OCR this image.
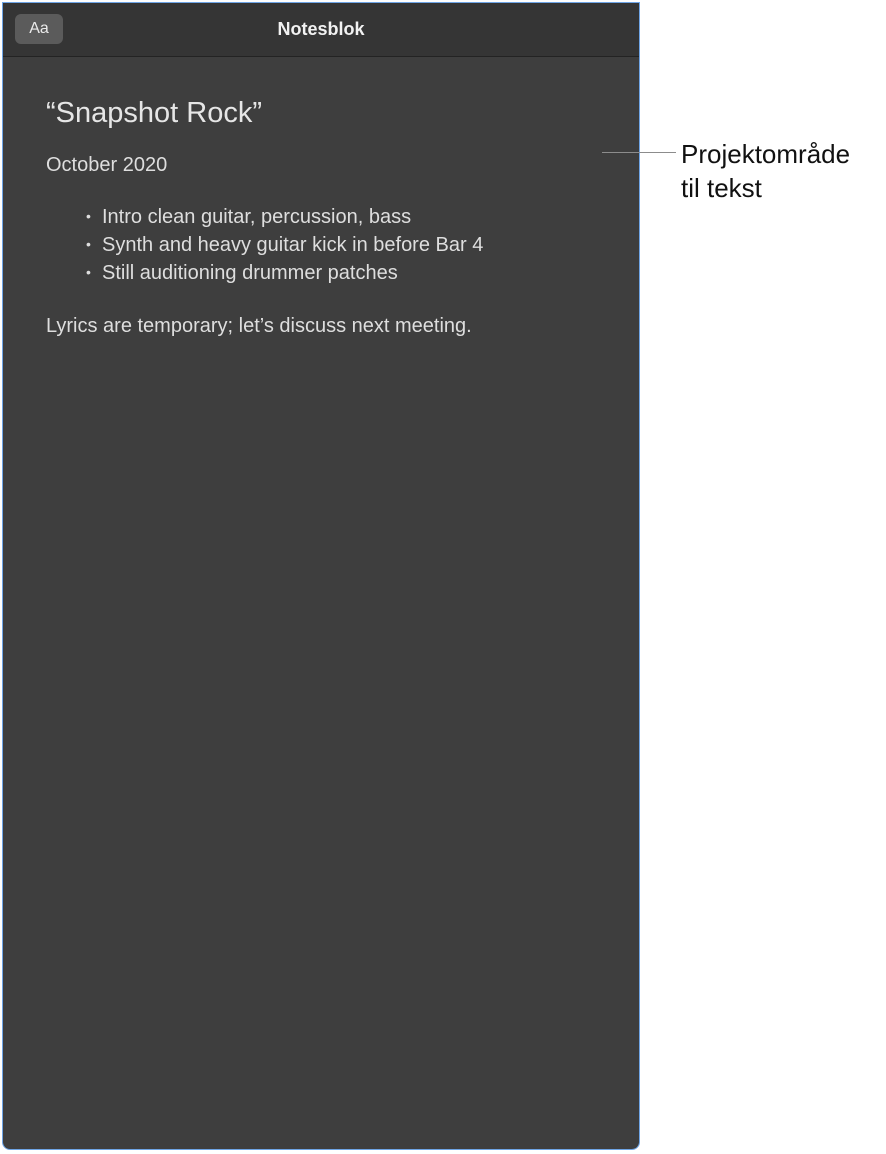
Notesblok
Aa
“Snapshot Rock”
October 2020
• Intro clean guitar, percussion, bass
• Synth and heavy guitar kick in before Bar 4
• Still auditioning drummer patches
Lyrics are temporary; let’s discuss next meeting.
Projektområde
til tekst
